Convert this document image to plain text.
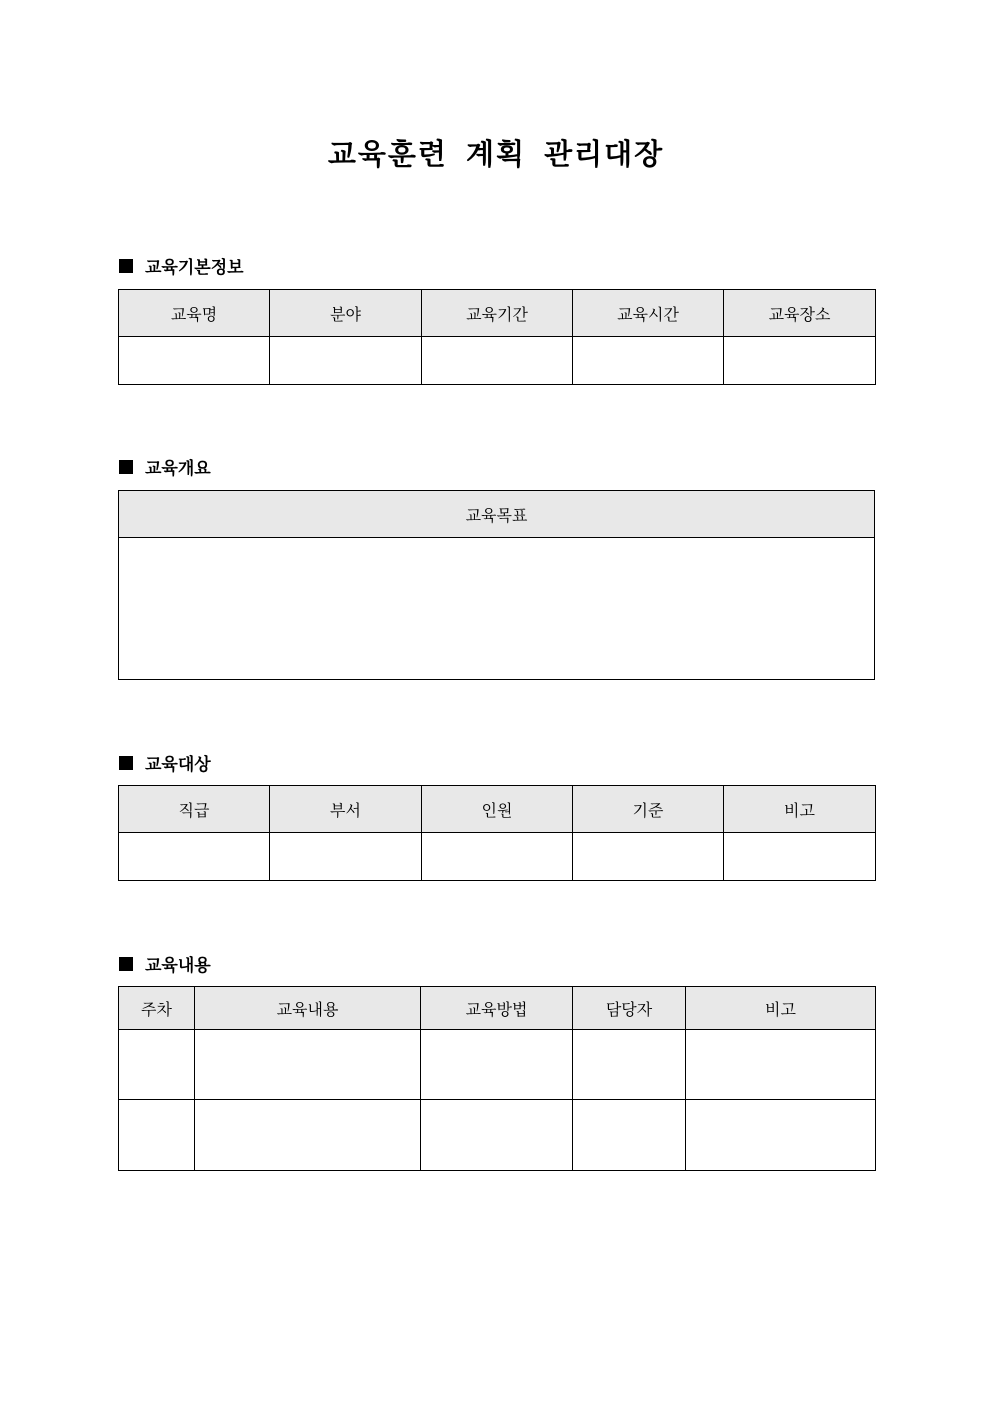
교육훈련 계획 관리대장
교육기본정보
교육명	분야	교육기간	교육시간	교육장소

교육개요
교육목표

교육대상
직급	부서	인원	기준	비고

교육내용
주차	교육내용	교육방법	담당자	비고
